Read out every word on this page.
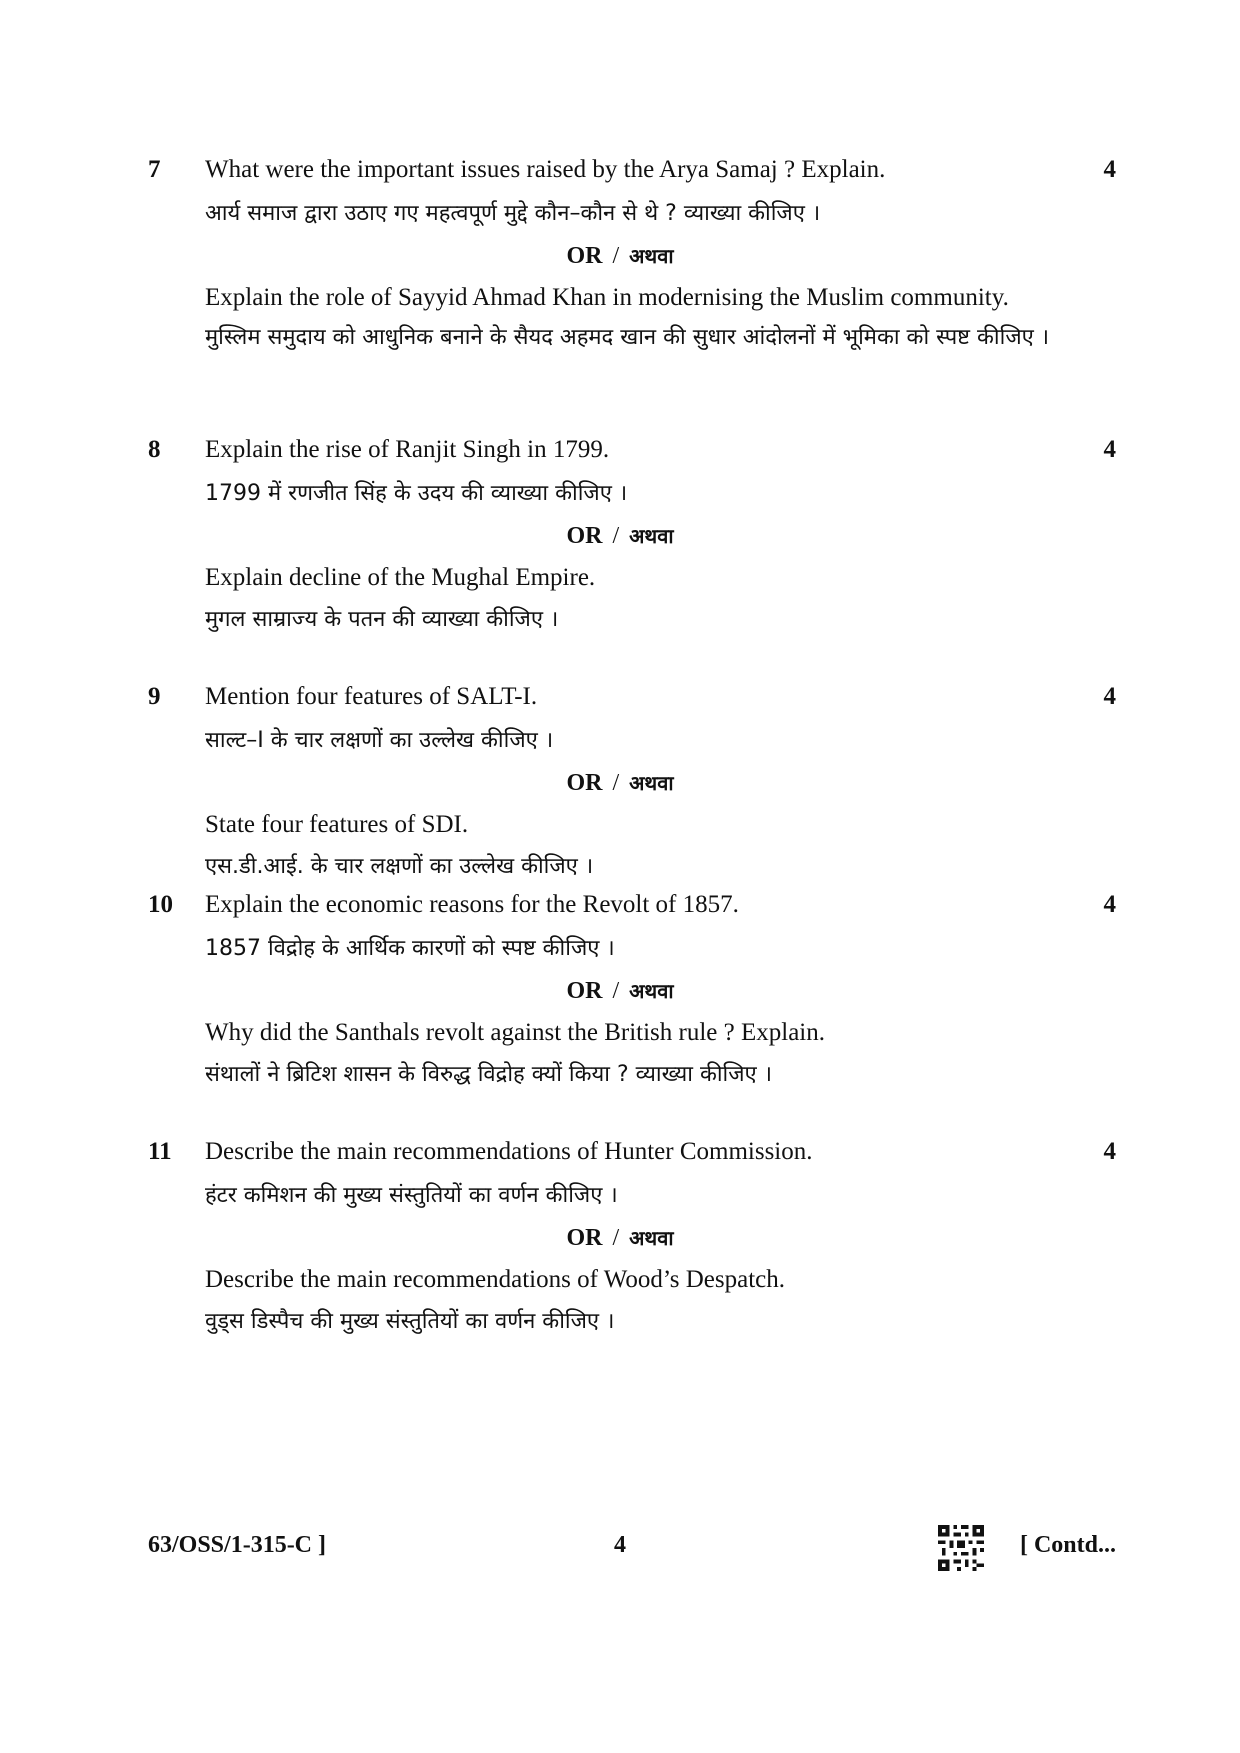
7	4
What were the important issues raised by the Arya Samaj ? Explain.
आर्य समाज द्वारा उठाए गए महत्वपूर्ण मुद्दे कौन–कौन से थे ? व्याख्या कीजिए ।
OR / अथवा
Explain the role of Sayyid Ahmad Khan in modernising the Muslim community.
मुस्लिम समुदाय को आधुनिक बनाने के सैयद अहमद खान की सुधार आंदोलनों में भूमिका को स्पष्ट कीजिए ।
8	4
Explain the rise of Ranjit Singh in 1799.
1799 में रणजीत सिंह के उदय की व्याख्या कीजिए ।
OR / अथवा
Explain decline of the Mughal Empire.
मुगल साम्राज्य के पतन की व्याख्या कीजिए ।
9	4
Mention four features of SALT-I.
साल्ट–I के चार लक्षणों का उल्लेख कीजिए ।
OR / अथवा
State four features of SDI.
एस.डी.आई. के चार लक्षणों का उल्लेख कीजिए ।
10	4
Explain the economic reasons for the Revolt of 1857.
1857 विद्रोह के आर्थिक कारणों को स्पष्ट कीजिए ।
OR / अथवा
Why did the Santhals revolt against the British rule ? Explain.
संथालों ने ब्रिटिश शासन के विरुद्ध विद्रोह क्यों किया ? व्याख्या कीजिए ।
11	4
Describe the main recommendations of Hunter Commission.
हंटर कमिशन की मुख्य संस्तुतियों का वर्णन कीजिए ।
OR / अथवा
Describe the main recommendations of Wood’s Despatch.
वुड्स डिस्पैच की मुख्य संस्तुतियों का वर्णन कीजिए ।
63/OSS/1-315-C ]	4	[ Contd...
